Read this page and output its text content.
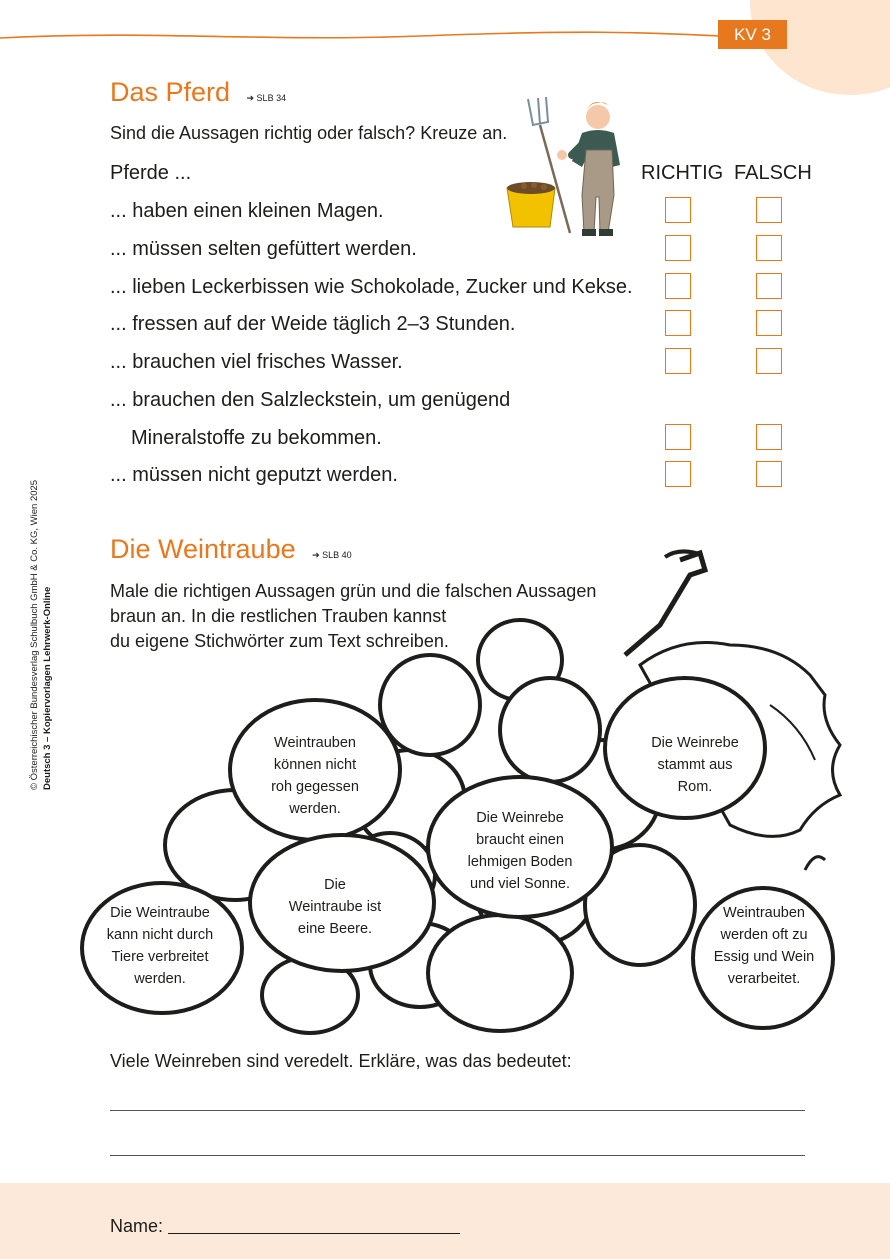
KV 3
© Österreichischer Bundesverlag Schulbuch GmbH & Co. KG, Wien 2025 Deutsch 3 – Kopiervorlagen Lehrwerk-Online
Das Pferd ➔ SLB 34
Sind die Aussagen richtig oder falsch? Kreuze an.
Pferde ...	RICHTIG FALSCH
... haben einen kleinen Magen.
... müssen selten gefüttert werden.
... lieben Leckerbissen wie Schokolade, Zucker und Kekse.
... fressen auf der Weide täglich 2–3 Stunden.
... brauchen viel frisches Wasser.
... brauchen den Salzleckstein, um genügend
Mineralstoffe zu bekommen.
... müssen nicht geputzt werden.
Die Weintraube ➔ SLB 40
Male die richtigen Aussagen grün und die falschen Aussagen
braun an. In die restlichen Trauben kannst
du eigene Stichwörter zum Text schreiben.
Weintrauben
können nicht
roh gegessen
werden.
Die Weinrebe
stammt aus
Rom.
Die Weinrebe
braucht einen
lehmigen Boden
und viel Sonne.
Die
Weintraube ist
eine Beere.
Die Weintraube
kann nicht durch
Tiere verbreitet
werden.
Weintrauben
werden oft zu
Essig und Wein
verarbeitet.
Viele Weinreben sind veredelt. Erkläre, was das bedeutet:
Name:
